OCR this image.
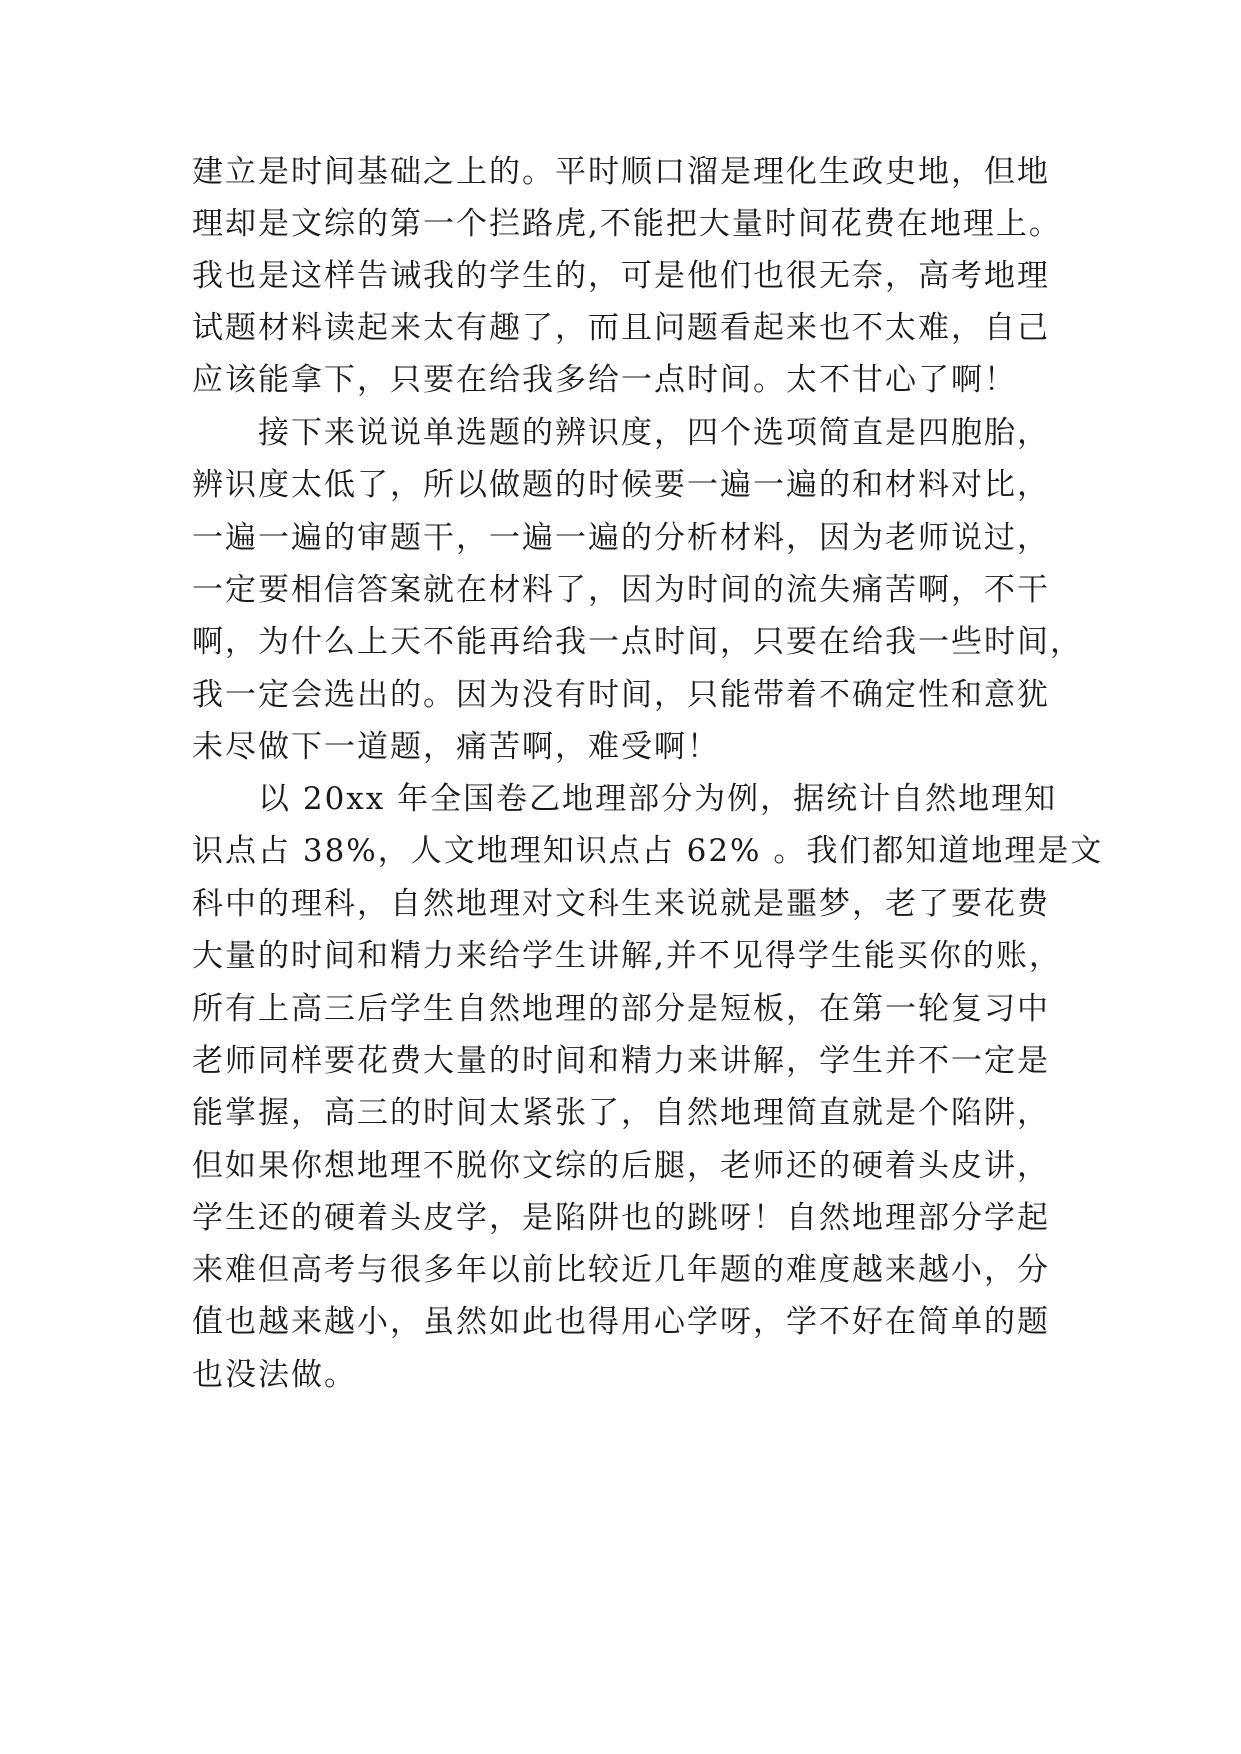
建立是时间基础之上的。平时顺口溜是理化生政史地，但地

理却是文综的第一个拦路虎,不能把大量时间花费在地理上。

我也是这样告诫我的学生的，可是他们也很无奈，高考地理

试题材料读起来太有趣了，而且问题看起来也不太难，自己

应该能拿下，只要在给我多给一点时间。太不甘心了啊！

接下来说说单选题的辨识度，四个选项简直是四胞胎，

辨识度太低了，所以做题的时候要一遍一遍的和材料对比，

一遍一遍的审题干，一遍一遍的分析材料，因为老师说过，

一定要相信答案就在材料了，因为时间的流失痛苦啊，不干

啊，为什么上天不能再给我一点时间，只要在给我一些时间，

我一定会选出的。因为没有时间，只能带着不确定性和意犹

未尽做下一道题，痛苦啊，难受啊！

以 20xx 年全国卷乙地理部分为例，据统计自然地理知

识点占 38%，人文地理知识点占 62% 。我们都知道地理是文

科中的理科，自然地理对文科生来说就是噩梦，老了要花费

大量的时间和精力来给学生讲解,并不见得学生能买你的账，

所有上高三后学生自然地理的部分是短板，在第一轮复习中

老师同样要花费大量的时间和精力来讲解，学生并不一定是

能掌握，高三的时间太紧张了，自然地理简直就是个陷阱，

但如果你想地理不脱你文综的后腿，老师还的硬着头皮讲，

学生还的硬着头皮学，是陷阱也的跳呀！自然地理部分学起

来难但高考与很多年以前比较近几年题的难度越来越小，分

值也越来越小，虽然如此也得用心学呀，学不好在简单的题

也没法做。
